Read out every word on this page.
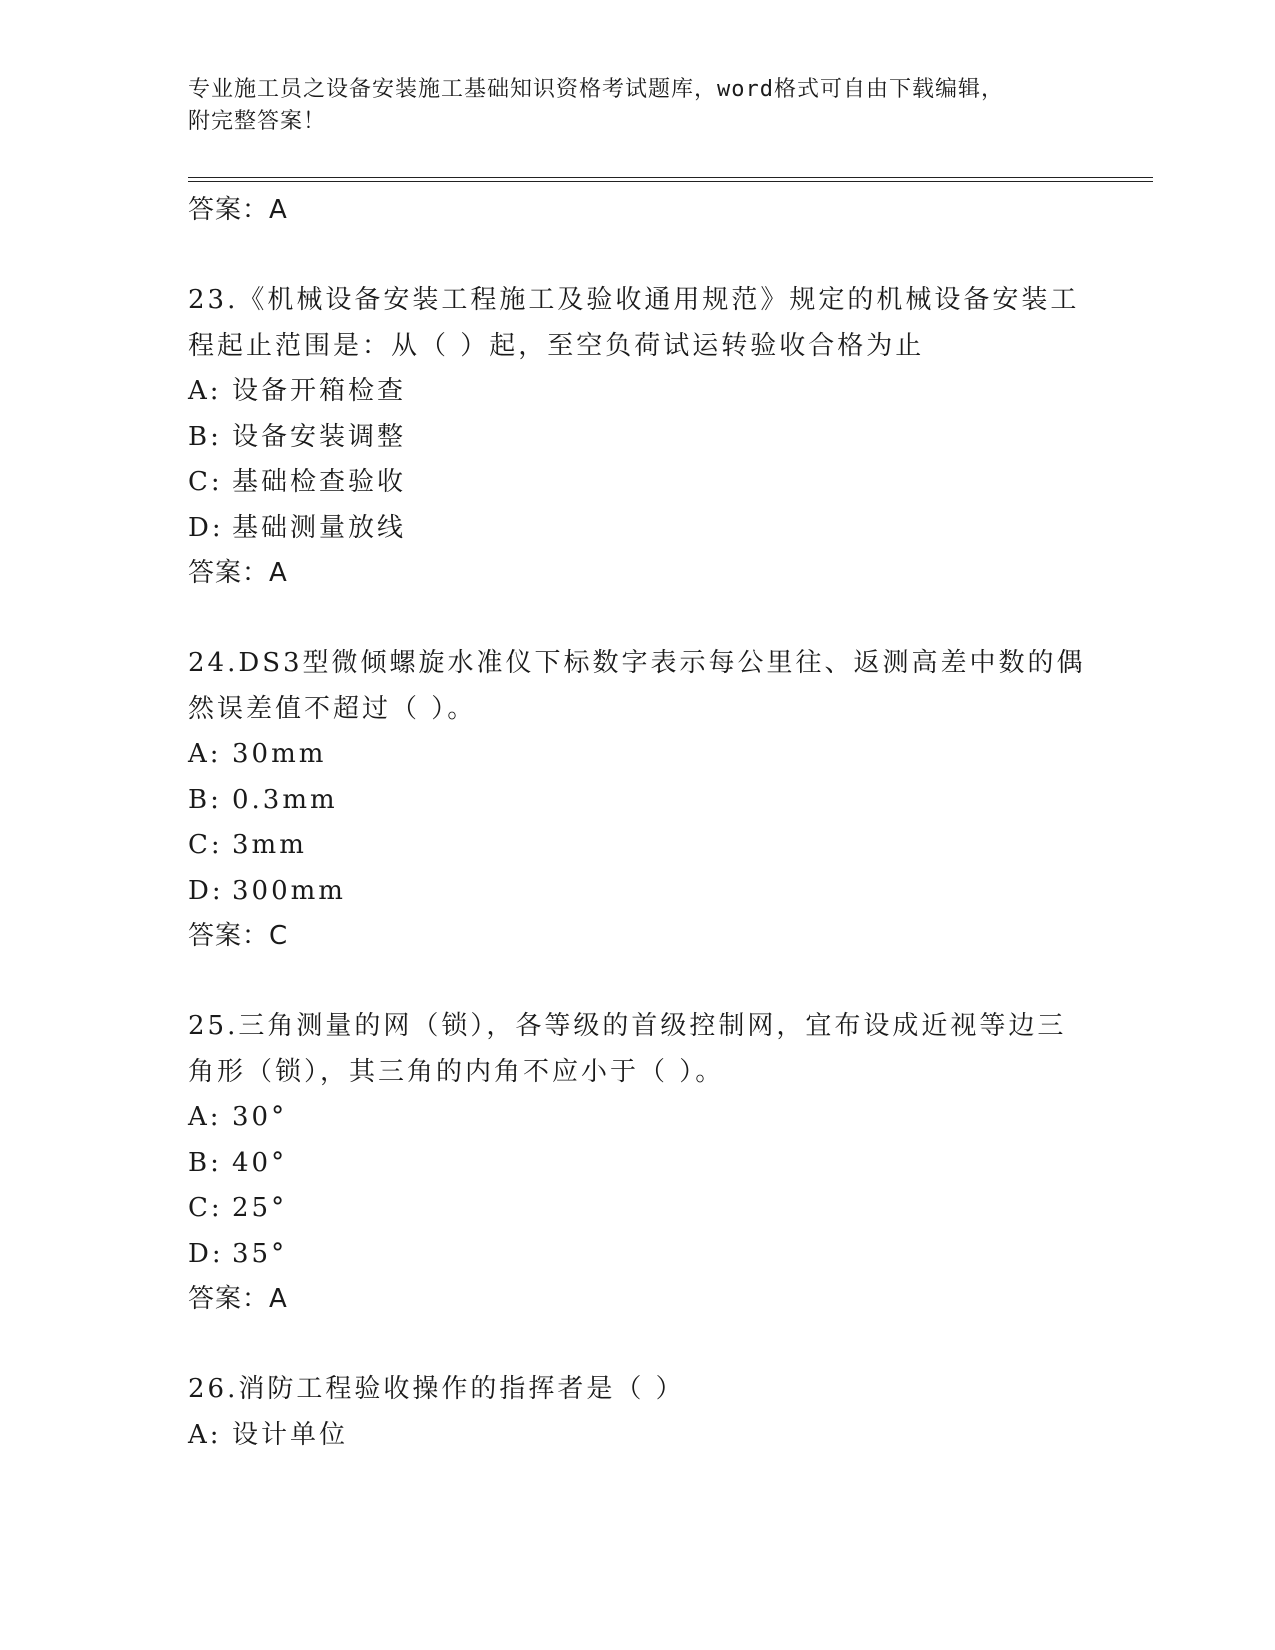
专业施工员之设备安装施工基础知识资格考试题库，word格式可自由下载编辑，
附完整答案！
答案：A
23.《机械设备安装工程施工及验收通用规范》规定的机械设备安装工
程起止范围是：从（ ）起，至空负荷试运转验收合格为止
A: 设备开箱检查
B: 设备安装调整
C: 基础检查验收
D: 基础测量放线
答案：A
24.DS3型微倾螺旋水准仪下标数字表示每公里往、返测高差中数的偶
然误差值不超过（ ）。
A: 30mm
B: 0.3mm
C: 3mm
D: 300mm
答案：C
25.三角测量的网（锁），各等级的首级控制网，宜布设成近视等边三
角形（锁），其三角的内角不应小于（ ）。
A: 30°
B: 40°
C: 25°
D: 35°
答案：A
26.消防工程验收操作的指挥者是（ ）
A: 设计单位
